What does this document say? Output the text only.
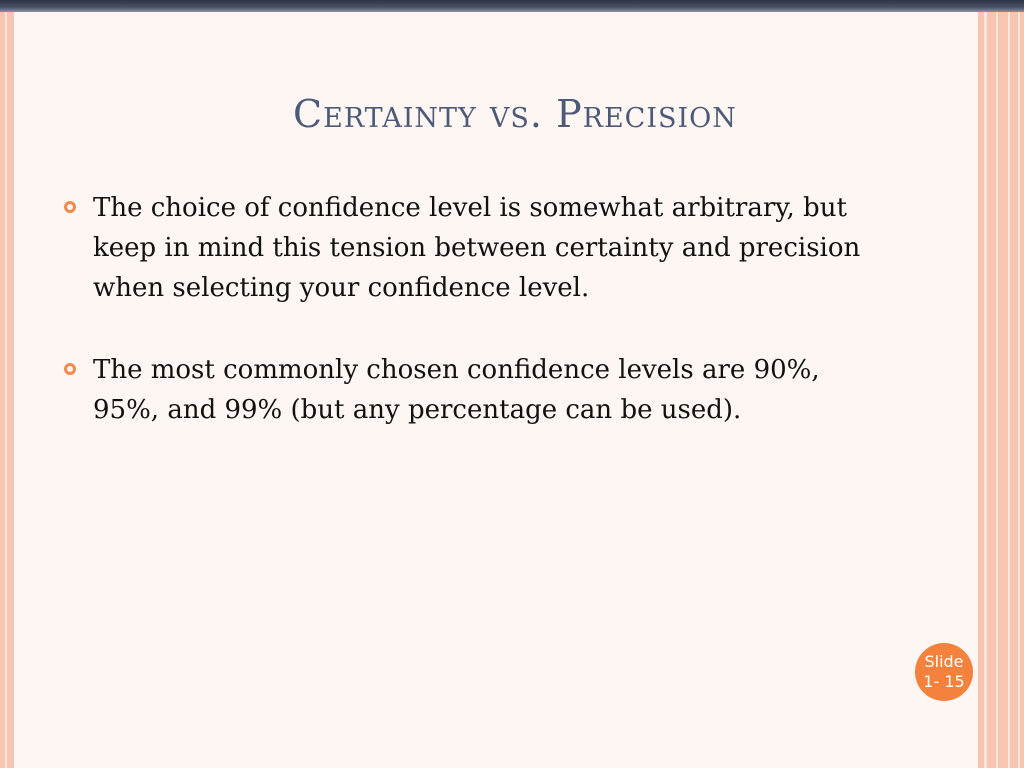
Certainty vs. Precision
The choice of confidence level is somewhat arbitrary, but keep in mind this tension between certainty and precision when selecting your confidence level.
The most commonly chosen confidence levels are 90%, 95%, and 99% (but any percentage can be used).
Slide
1- 15
